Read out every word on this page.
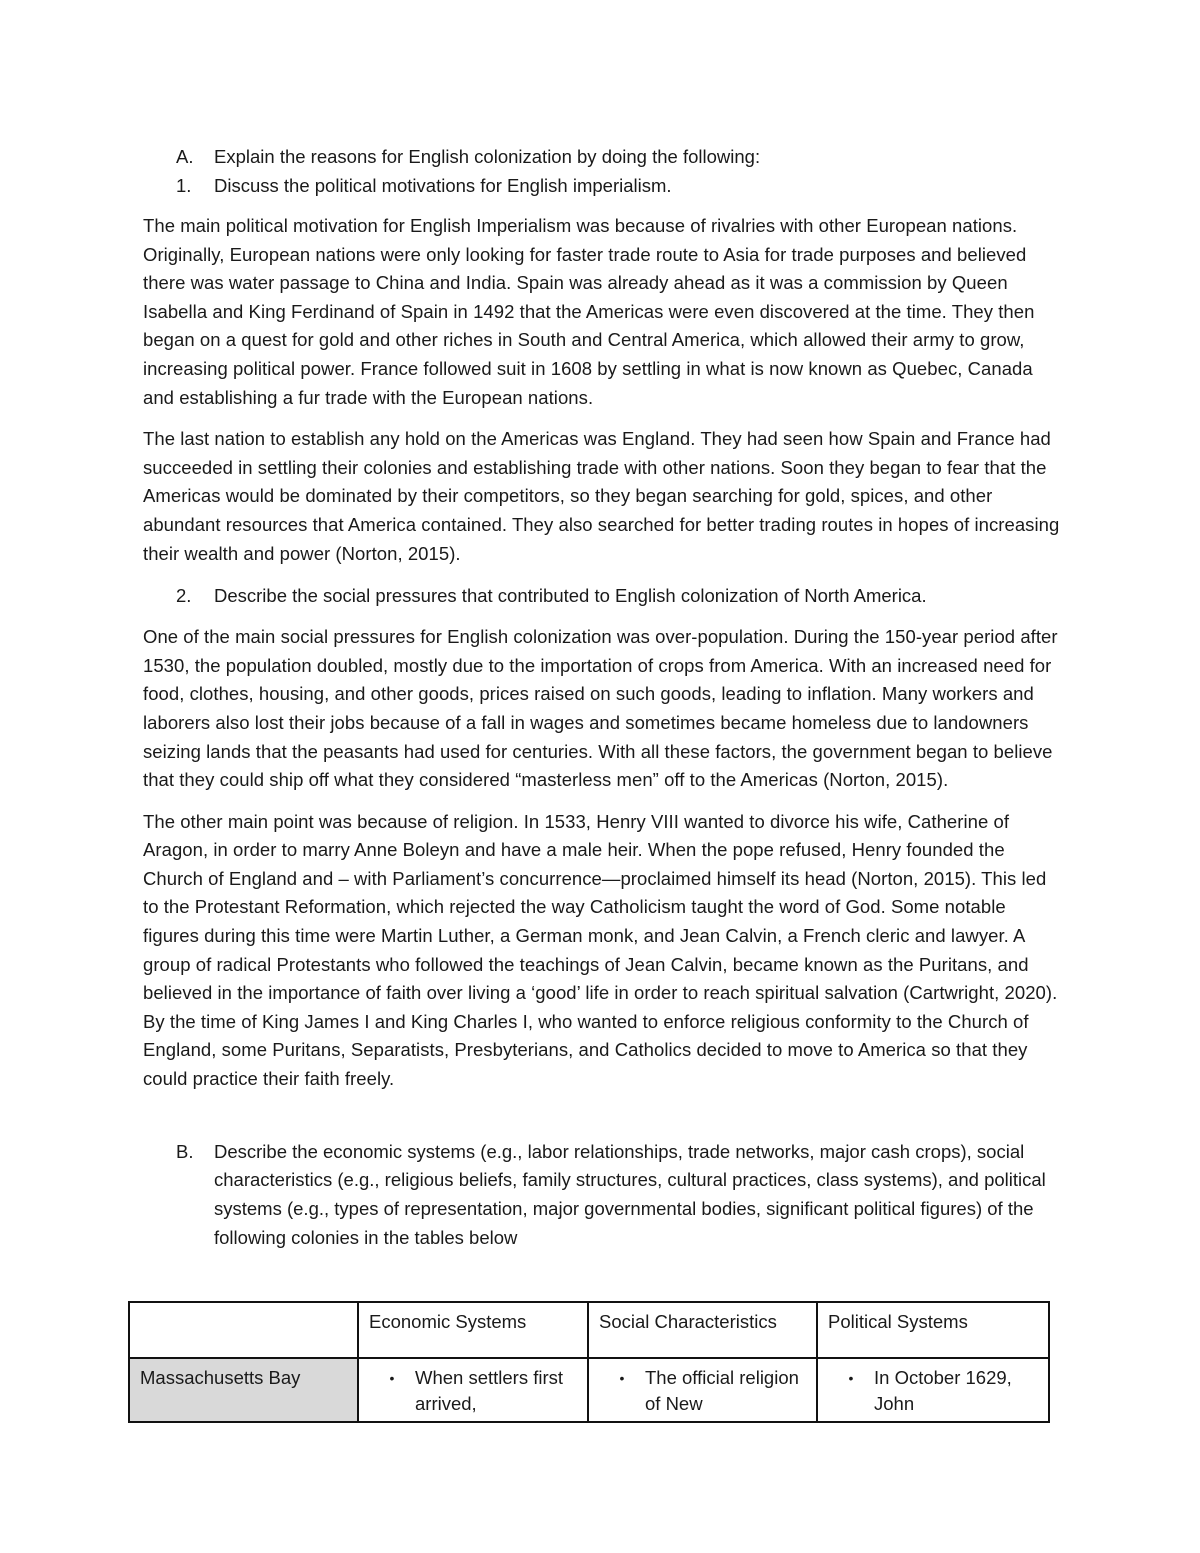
A.	Explain the reasons for English colonization by doing the following:
1.	Discuss the political motivations for English imperialism.

The main political motivation for English Imperialism was because of rivalries with other European nations. Originally, European nations were only looking for faster trade route to Asia for trade purposes and believed there was water passage to China and India. Spain was already ahead as it was a commission by Queen Isabella and King Ferdinand of Spain in 1492 that the Americas were even discovered at the time. They then began on a quest for gold and other riches in South and Central America, which allowed their army to grow, increasing political power. France followed suit in 1608 by settling in what is now known as Quebec, Canada and establishing a fur trade with the European nations.

The last nation to establish any hold on the Americas was England. They had seen how Spain and France had succeeded in settling their colonies and establishing trade with other nations. Soon they began to fear that the Americas would be dominated by their competitors, so they began searching for gold, spices, and other abundant resources that America contained. They also searched for better trading routes in hopes of increasing their wealth and power (Norton, 2015).

2.	Describe the social pressures that contributed to English colonization of North America.

One of the main social pressures for English colonization was over-population. During the 150-year period after 1530, the population doubled, mostly due to the importation of crops from America. With an increased need for food, clothes, housing, and other goods, prices raised on such goods, leading to inflation. Many workers and laborers also lost their jobs because of a fall in wages and sometimes became homeless due to landowners seizing lands that the peasants had used for centuries. With all these factors, the government began to believe that they could ship off what they considered “masterless men” off to the Americas (Norton, 2015).

The other main point was because of religion. In 1533, Henry VIII wanted to divorce his wife, Catherine of Aragon, in order to marry Anne Boleyn and have a male heir. When the pope refused, Henry founded the Church of England and – with Parliament’s concurrence—proclaimed himself its head (Norton, 2015). This led to the Protestant Reformation, which rejected the way Catholicism taught the word of God. Some notable figures during this time were Martin Luther, a German monk, and Jean Calvin, a French cleric and lawyer. A group of radical Protestants who followed the teachings of Jean Calvin, became known as the Puritans, and believed in the importance of faith over living a ‘good’ life in order to reach spiritual salvation (Cartwright, 2020). By the time of King James I and King Charles I, who wanted to enforce religious conformity to the Church of England, some Puritans, Separatists, Presbyterians, and Catholics decided to move to America so that they could practice their faith freely.

B.	Describe the economic systems (e.g., labor relationships, trade networks, major cash crops), social characteristics (e.g., religious beliefs, family structures, cultural practices, class systems), and political systems (e.g., types of representation, major governmental bodies, significant political figures) of the following colonies in the tables below
	Economic Systems	Social Characteristics	Political Systems
Massachusetts Bay	• When settlers first arrived,	• The official religion of New	• In October 1629, John
